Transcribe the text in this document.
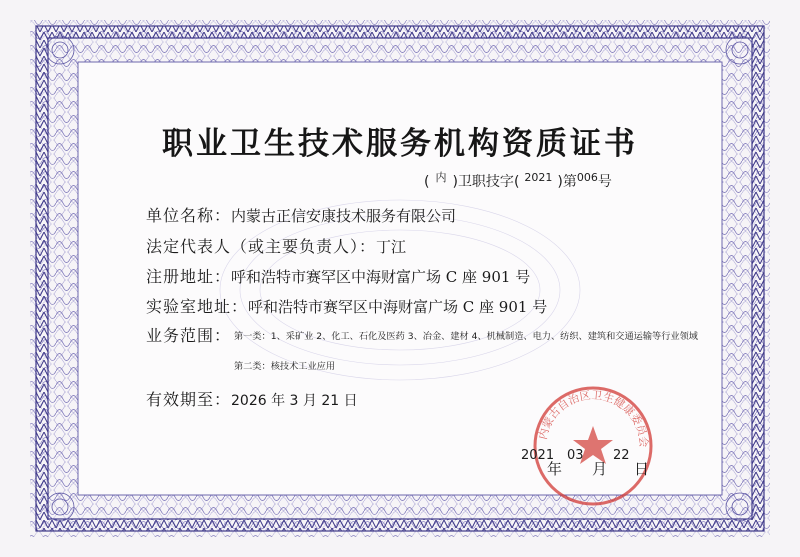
职业卫生技术服务机构资质证书
( $^内$ )卫职技字( $^{2021}$ )第$^{006}$号
单位名称：内蒙古正信安康技术服务有限公司
法定代表人（或主要负责人）：丁江
注册地址：呼和浩特市赛罕区中海财富广场 C 座 901 号
实验室地址：呼和浩特市赛罕区中海财富广场 C 座 901 号
业务范围： 第一类：1、采矿业 2、化工、石化及医药 3、冶金、建材 4、机械制造、电力、纺织、建筑和交通运输等行业领域
第二类：核技术工业应用
有效期至：2026 年 3 月 21 日
内蒙古自治区卫生健康委员会
2021
年
03
月
22
日
